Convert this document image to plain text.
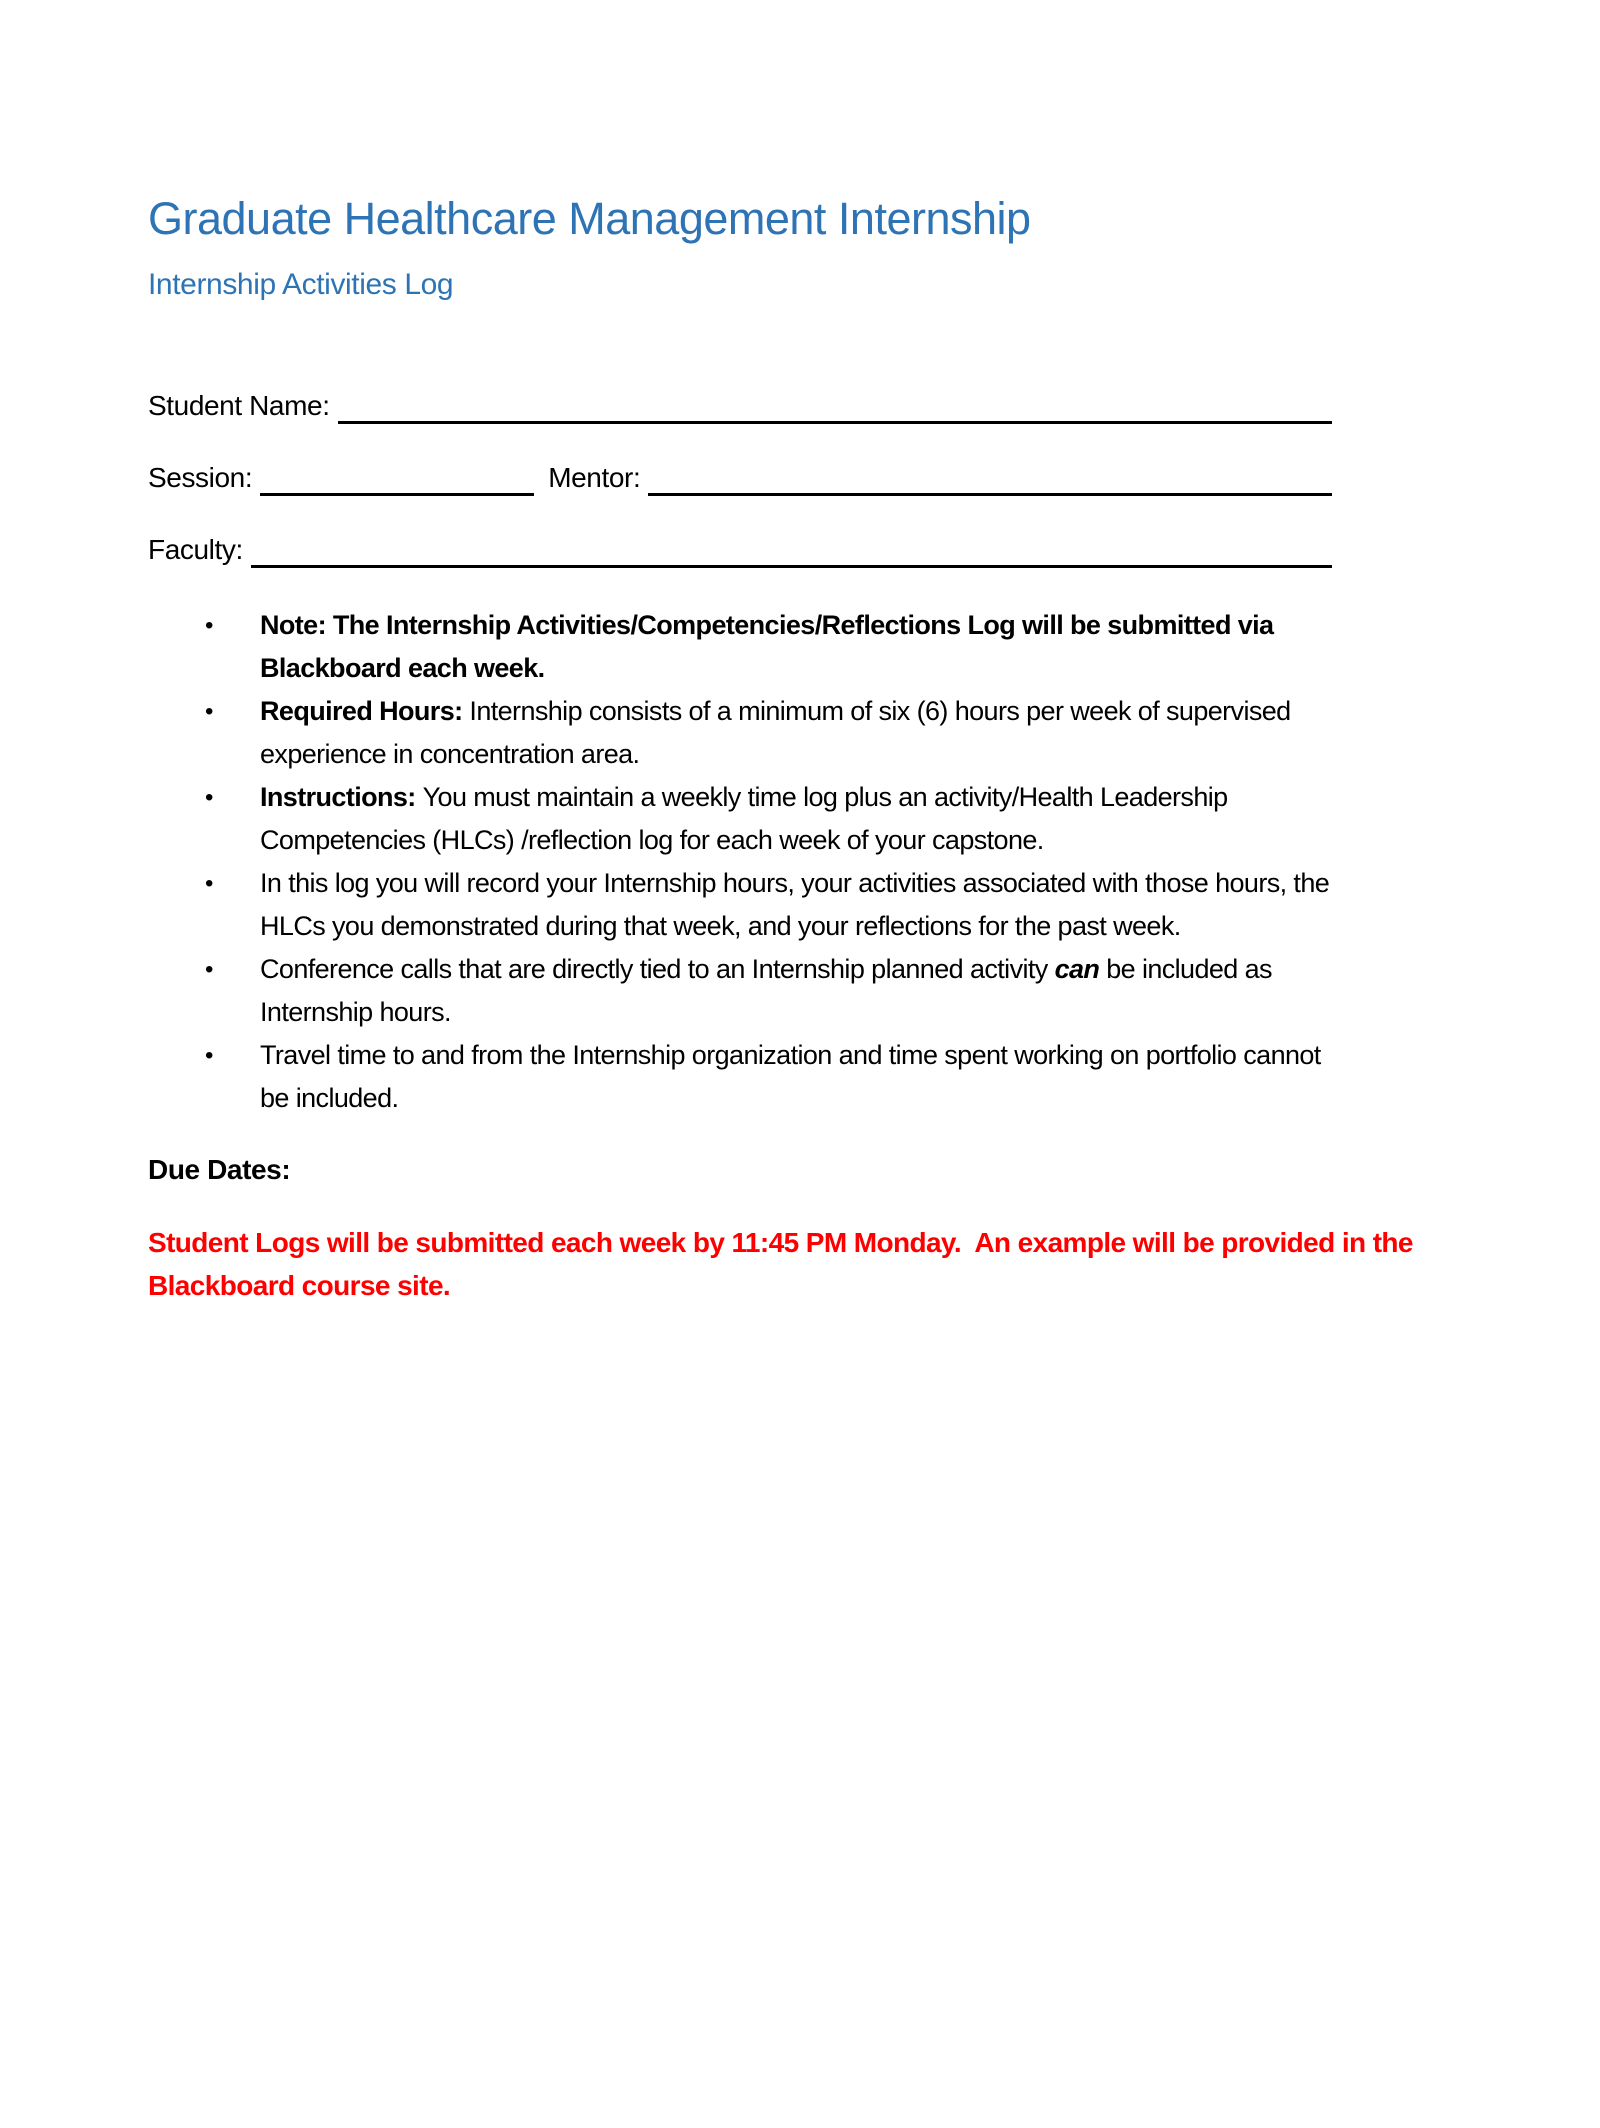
Graduate Healthcare Management Internship
Internship Activities Log
Student Name:
Session:	Mentor:
Faculty:
• Note: The Internship Activities/Competencies/Reflections Log will be submitted via
Blackboard each week.
• Required Hours: Internship consists of a minimum of six (6) hours per week of supervised
experience in concentration area.
• Instructions: You must maintain a weekly time log plus an activity/Health Leadership
Competencies (HLCs) /reflection log for each week of your capstone.
• In this log you will record your Internship hours, your activities associated with those hours, the
HLCs you demonstrated during that week, and your reflections for the past week.
• Conference calls that are directly tied to an Internship planned activity can be included as
Internship hours.
• Travel time to and from the Internship organization and time spent working on portfolio cannot
be included.

Due Dates:

Student Logs will be submitted each week by 11:45 PM Monday.  An example will be provided in the
Blackboard course site.
